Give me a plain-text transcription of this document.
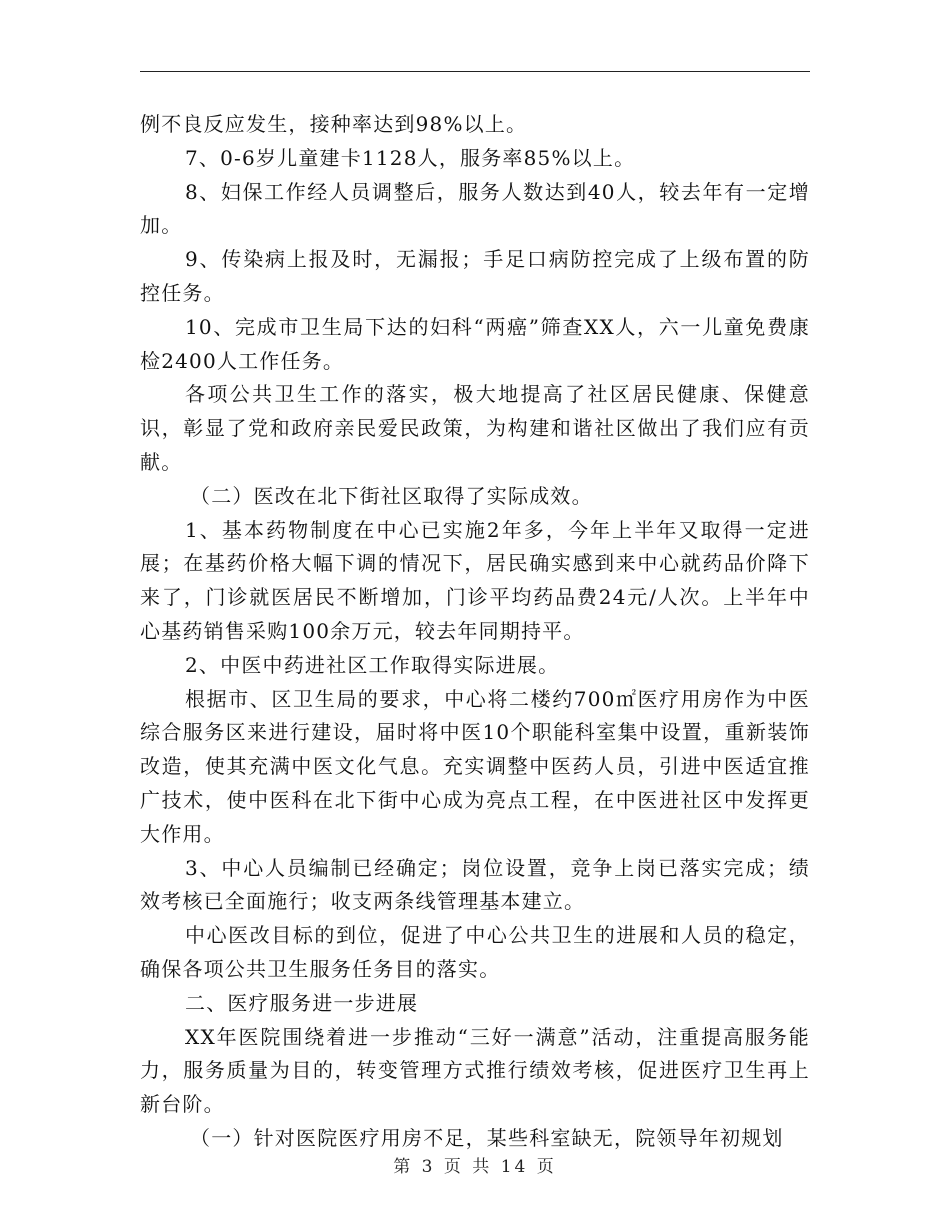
例不良反应发生，接种率达到98%以上。

7、0-6岁儿童建卡1128人，服务率85%以上。

8、妇保工作经人员调整后，服务人数达到40人，较去年有一定增加。

9、传染病上报及时，无漏报；手足口病防控完成了上级布置的防控任务。

10、完成市卫生局下达的妇科“两癌”筛查XX人，六一儿童免费康检2400人工作任务。

各项公共卫生工作的落实，极大地提高了社区居民健康、保健意识，彰显了党和政府亲民爱民政策，为构建和谐社区做出了我们应有贡献。

（二）医改在北下街社区取得了实际成效。

1、基本药物制度在中心已实施2年多，今年上半年又取得一定进展；在基药价格大幅下调的情况下，居民确实感到来中心就药品价降下来了，门诊就医居民不断增加，门诊平均药品费24元/人次。上半年中心基药销售采购100余万元，较去年同期持平。

2、中医中药进社区工作取得实际进展。

根据市、区卫生局的要求，中心将二楼约700㎡医疗用房作为中医综合服务区来进行建设，届时将中医10个职能科室集中设置，重新装饰改造，使其充满中医文化气息。充实调整中医药人员，引进中医适宜推广技术，使中医科在北下街中心成为亮点工程，在中医进社区中发挥更大作用。

3、中心人员编制已经确定；岗位设置，竞争上岗已落实完成；绩效考核已全面施行；收支两条线管理基本建立。

中心医改目标的到位，促进了中心公共卫生的进展和人员的稳定，确保各项公共卫生服务任务目的落实。

二、医疗服务进一步进展

XX年医院围绕着进一步推动“三好一满意”活动，注重提高服务能力，服务质量为目的，转变管理方式推行绩效考核，促进医疗卫生再上新台阶。

（一）针对医院医疗用房不足，某些科室缺无，院领导年初规划

第 3 页 共 14 页
